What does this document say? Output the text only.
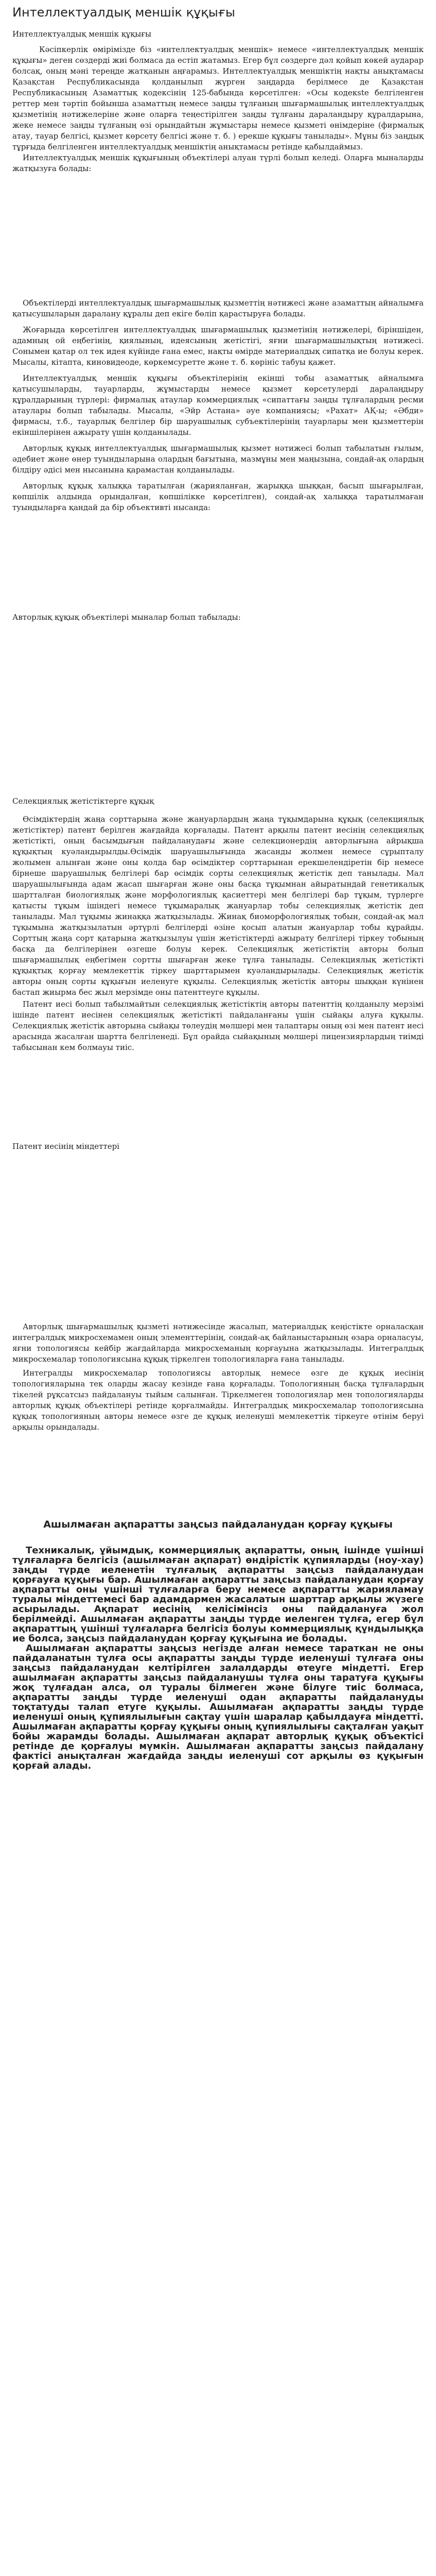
Интеллектуалдық меншік құқығы
Интеллектуалдық меншік құқығы

Кәсіпкерлік өмірімізде біз «интеллектуалдық меншік» немесе «интеллектуалдық меншік құқығы» деген сөздерді жиі болмаса да естіп жатамыз. Егер бұл сөздерге дәл қойып көкей аударар болсақ, оның мәні тереңде жатқанын аңғарамыз. Интеллектуалдық меншіктің нақты анықтамасы Қазақстан Республикасында қолданылып жүрген заңдарда берілмесе де Қазақстан Республикасының Азаматтық кодексінің 125-бабында көрсетілген: «Осы кодекste белгіленген реттер мен тәртіп бойынша азаматтың немесе заңды тұлғаның шығармашылық интеллектуалдық қызметінің нәтижелеріне және оларға теңестірілген заңды тұлғаны дараландыру құралдарына, жеке немесе заңды тұлғаның өзі орындайтын жұмыстары немесе қызметі өнімдеріне (фирмалық атау, тауар белгісі, қызмет көрсету белгісі және т. б. ) ерекше құқығы танылады». Мұны біз заңдық тұрғыда белгіленген интеллектуалдық меншіктің анықтамасы ретінде қабылдаймыз.

Интеллектуалдық меншік құқығының объектілері алуан түрлі болып келеді. Оларға мыналарды жатқызуға болады:

Объектілерді интеллектуалдық шығармашылық қызметтің нәтижесі және азаматтың айналымға қатысушыларын даралану құралы деп екіге бөліп қарастыруға болады.

Жоғарыда көрсетілген интеллектуалдық шығармашылық қызметінің нәтижелері, біріншіден, адамның ой еңбегінің, қиялының, идеясының жетістігі, яғни шығармашылықтың нәтижесі. Сонымен қатар ол тек идея күйінде ғана емес, нақты өмірде материалдық сипатқа ие болуы керек. Мысалы, кітапта, киновидеоде, көркемсуретте және т. б. көрініс табуы қажет.

Интеллектуалдық меншік құқығы объектілерінің екінші тобы азаматтық айналымға қатысушыларды, тауарларды, жұмыстарды немесе қызмет көрсетулерді даралаңдыру құралдарының түрлері: фирмалық атаулар коммерциялық «сипаттағы заңды тұлғалардың ресми атаулары болып табылады. Мысалы, «Эйр Астана» әуе компаниясы; «Рахат» АҚ-ы; «Әбди» фирмасы, т.б., тауарлық белгілер бір шаруашылық субъектілерінің тауарлары мен қызметтерін екіншілерінен ажырату үшін қолданылады.

Авторлық құқық интеллектуалдық шығармашылық қызмет нәтижесі болып табылатын ғылым, әдебиет және өнер туындыларына олардың бағытына, мазмұны мен маңызына, сондай-ақ олардың білдіру әдісі мен нысанына қарамастан қолданылады.

Авторлық құқық халыққа таратылған (жарияланған, жарыққа шыққан, басып шығарылған, көпшілік алдында орындалған, көпшілікке көрсетілген), сондай-ақ халыққа таратылмаған туындыларға қандай да бір объективті нысанда:

Авторлық құқық объектілері мыналар болып табылады:
Селекциялық жетістіктерге құқық

Өсімдіктердің жаңа сорттарына және жануарлардың жаңа тұқымдарына құқық (селекциялық жетістіктер) патент берілген жағдайда қорғалады. Патент арқылы патент иесінің селекциялық жетістікті, оның басымдығын пайдаланудағы және селекционердің авторлығына айрықша құқықтың куәландырылды.Өсімдік шаруашылығында жасанды жолмен немесе сұрыпталу жолымен алынған және оны қолда бар өсімдіктер сорттарынан ерекшелендіретін бір немесе бірнеше шаруашылық белгілері бар өсімдік сорты селекциялық жетістік деп танылады. Мал шаруашылығында адам жасап шығарған және оны басқа тұқымнан айыратындай генетикалық шартталған биологиялық және морфологиялық қасиеттері мен белгілері бар тұқым, түрлерге қатысты тұқым ішіндегі немесе тұқымаралық жануарлар тобы селекциялық жетістік деп танылады. Мал тұқымы жинаққа жатқызылады. Жинақ биоморфологиялық тобын, сондай-ақ мал тұқымына жатқызылатын әртүрлі белгілерді өзіне қосып алатын жануарлар тобы құрайды. Сорттың жаңа сорт қатарына жатқызылуы үшін жетістіктерді ажырату белгілері тіркеу тобының басқа да белгілерінен өзгеше болуы керек. Селекциялық жетістіктің авторы болып шығармашылық еңбегімен сортты шығарған жеке тұлға танылады. Селекциялық жетістікті құқықтық қорғау мемлекеттік тіркеу шарттарымен куәландырылады. Селекциялық жетістік авторы оның сорты құқығын иеленуге құқылы. Селекциялық жетістік авторы шыққан күнінен бастап жиырма бес жыл мерзімде оны патенттеуге құқылы.

Патент иесі болып табылмайтын селекциялық жетістіктің авторы патенттің қолданылу мерзімі ішінде патент иесінен селекциялық жетістікті пайдаланғаны үшін сыйақы алуға құқылы. Селекциялық жетістік авторына сыйақы төлеудің мөлшері мен талаптары оның өзі мен патент иесі арасында жасалған шартта белгіленеді. Бұл орайда сыйақының мөлшері лицензиярлардың тиімді табысынан кем болмауы тиіс.

Патент иесінің міндеттері

Авторлық шығармашылық қызметі нәтижесінде жасалып, материалдық кеңістікте орналасқан интегралдық микросхемамен оның элементтерінің, сондай-ақ байланыстарының өзара орналасуы, яғни топологиясы кейбір жағдайларда микросхеманың қорғауына жатқызылады. Интегралдық микросхемалар топологиясына құқық тіркелген топологияларға ғана танылады.

Интегралды микросхемалар топологиясы авторлық немесе өзге де құқық иесінің топологияларына тек оларды жасау кезінде ғана қорғалады. Топологияның басқа тұлғалардың тікелей рұқсатсыз пайдалануы тыйым салынған. Тіркелмеген топологиялар мен топологияларды авторлық құқық объектілері ретінде қорғалмайды. Интегралдық микросхемалар топологиясына құқық топологияның авторы немесе өзге де құқық иеленуші мемлекеттік тіркеуге өтінім беруі арқылы орындалады.

Ашылмаған ақпаратты заңсыз пайдаланудан қорғау құқығы

Техникалық, ұйымдық, коммерциялық ақпаратты, оның ішінде үшінші тұлғаларға белгісіз (ашылмаған ақпарат) өндірістік құпияларды (ноу-хау) заңды түрде иеленетін тұлғалық ақпаратты заңсыз пайдаланудан қорғауға құқығы бар. Ашылмаған ақпаратты заңсыз пайдаланудан қорғау ақпаратты оны үшінші тұлғаларға беру немесе ақпаратты жарияламау туралы міндеттемесі бар адамдармен жасалатын шарттар арқылы жүзеге асырылады. Ақпарат иесінің келісімінсіз оны пайдалануға жол берілмейді. Ашылмаған ақпаратты заңды түрде иеленген тұлға, егер бұл ақпараттың үшінші тұлғаларға белгісіз болуы коммерциялық құндылыққа ие болса, заңсыз пайдаланудан қорғау құқығына ие болады.

Ашылмаған ақпаратты заңсыз негізде алған немесе тараткан не оны пайдаланатын тұлға осы ақпаратты заңды түрде иеленуші тұлғаға оны заңсыз пайдаланудан келтірілген залалдарды өтеуге міндетті. Егер ашылмаған ақпаратты заңсыз пайдаланушы тұлға оны таратуға құқығы жоқ тұлғадан алса, ол туралы білмеген және білуге тиіс болмаса, ақпаратты заңды түрде иеленуші одан ақпаратты пайдалануды тоқтатуды талап етуге құқылы. Ашылмаған ақпаратты заңды түрде иеленуші оның құпиялылығын сақтау үшін шаралар қабылдауға міндетті. Ашылмаған ақпаратты қорғау құқығы оның құпиялылығы сақталған уақыт бойы жарамды болады. Ашылмаған ақпарат авторлық құқық объектісі ретінде де қорғалуы мүмкін. Ашылмаған ақпаратты заңсыз пайдалану фактісі анықталған жағдайда заңды иеленуші сот арқылы өз құқығын қорғай алады.
